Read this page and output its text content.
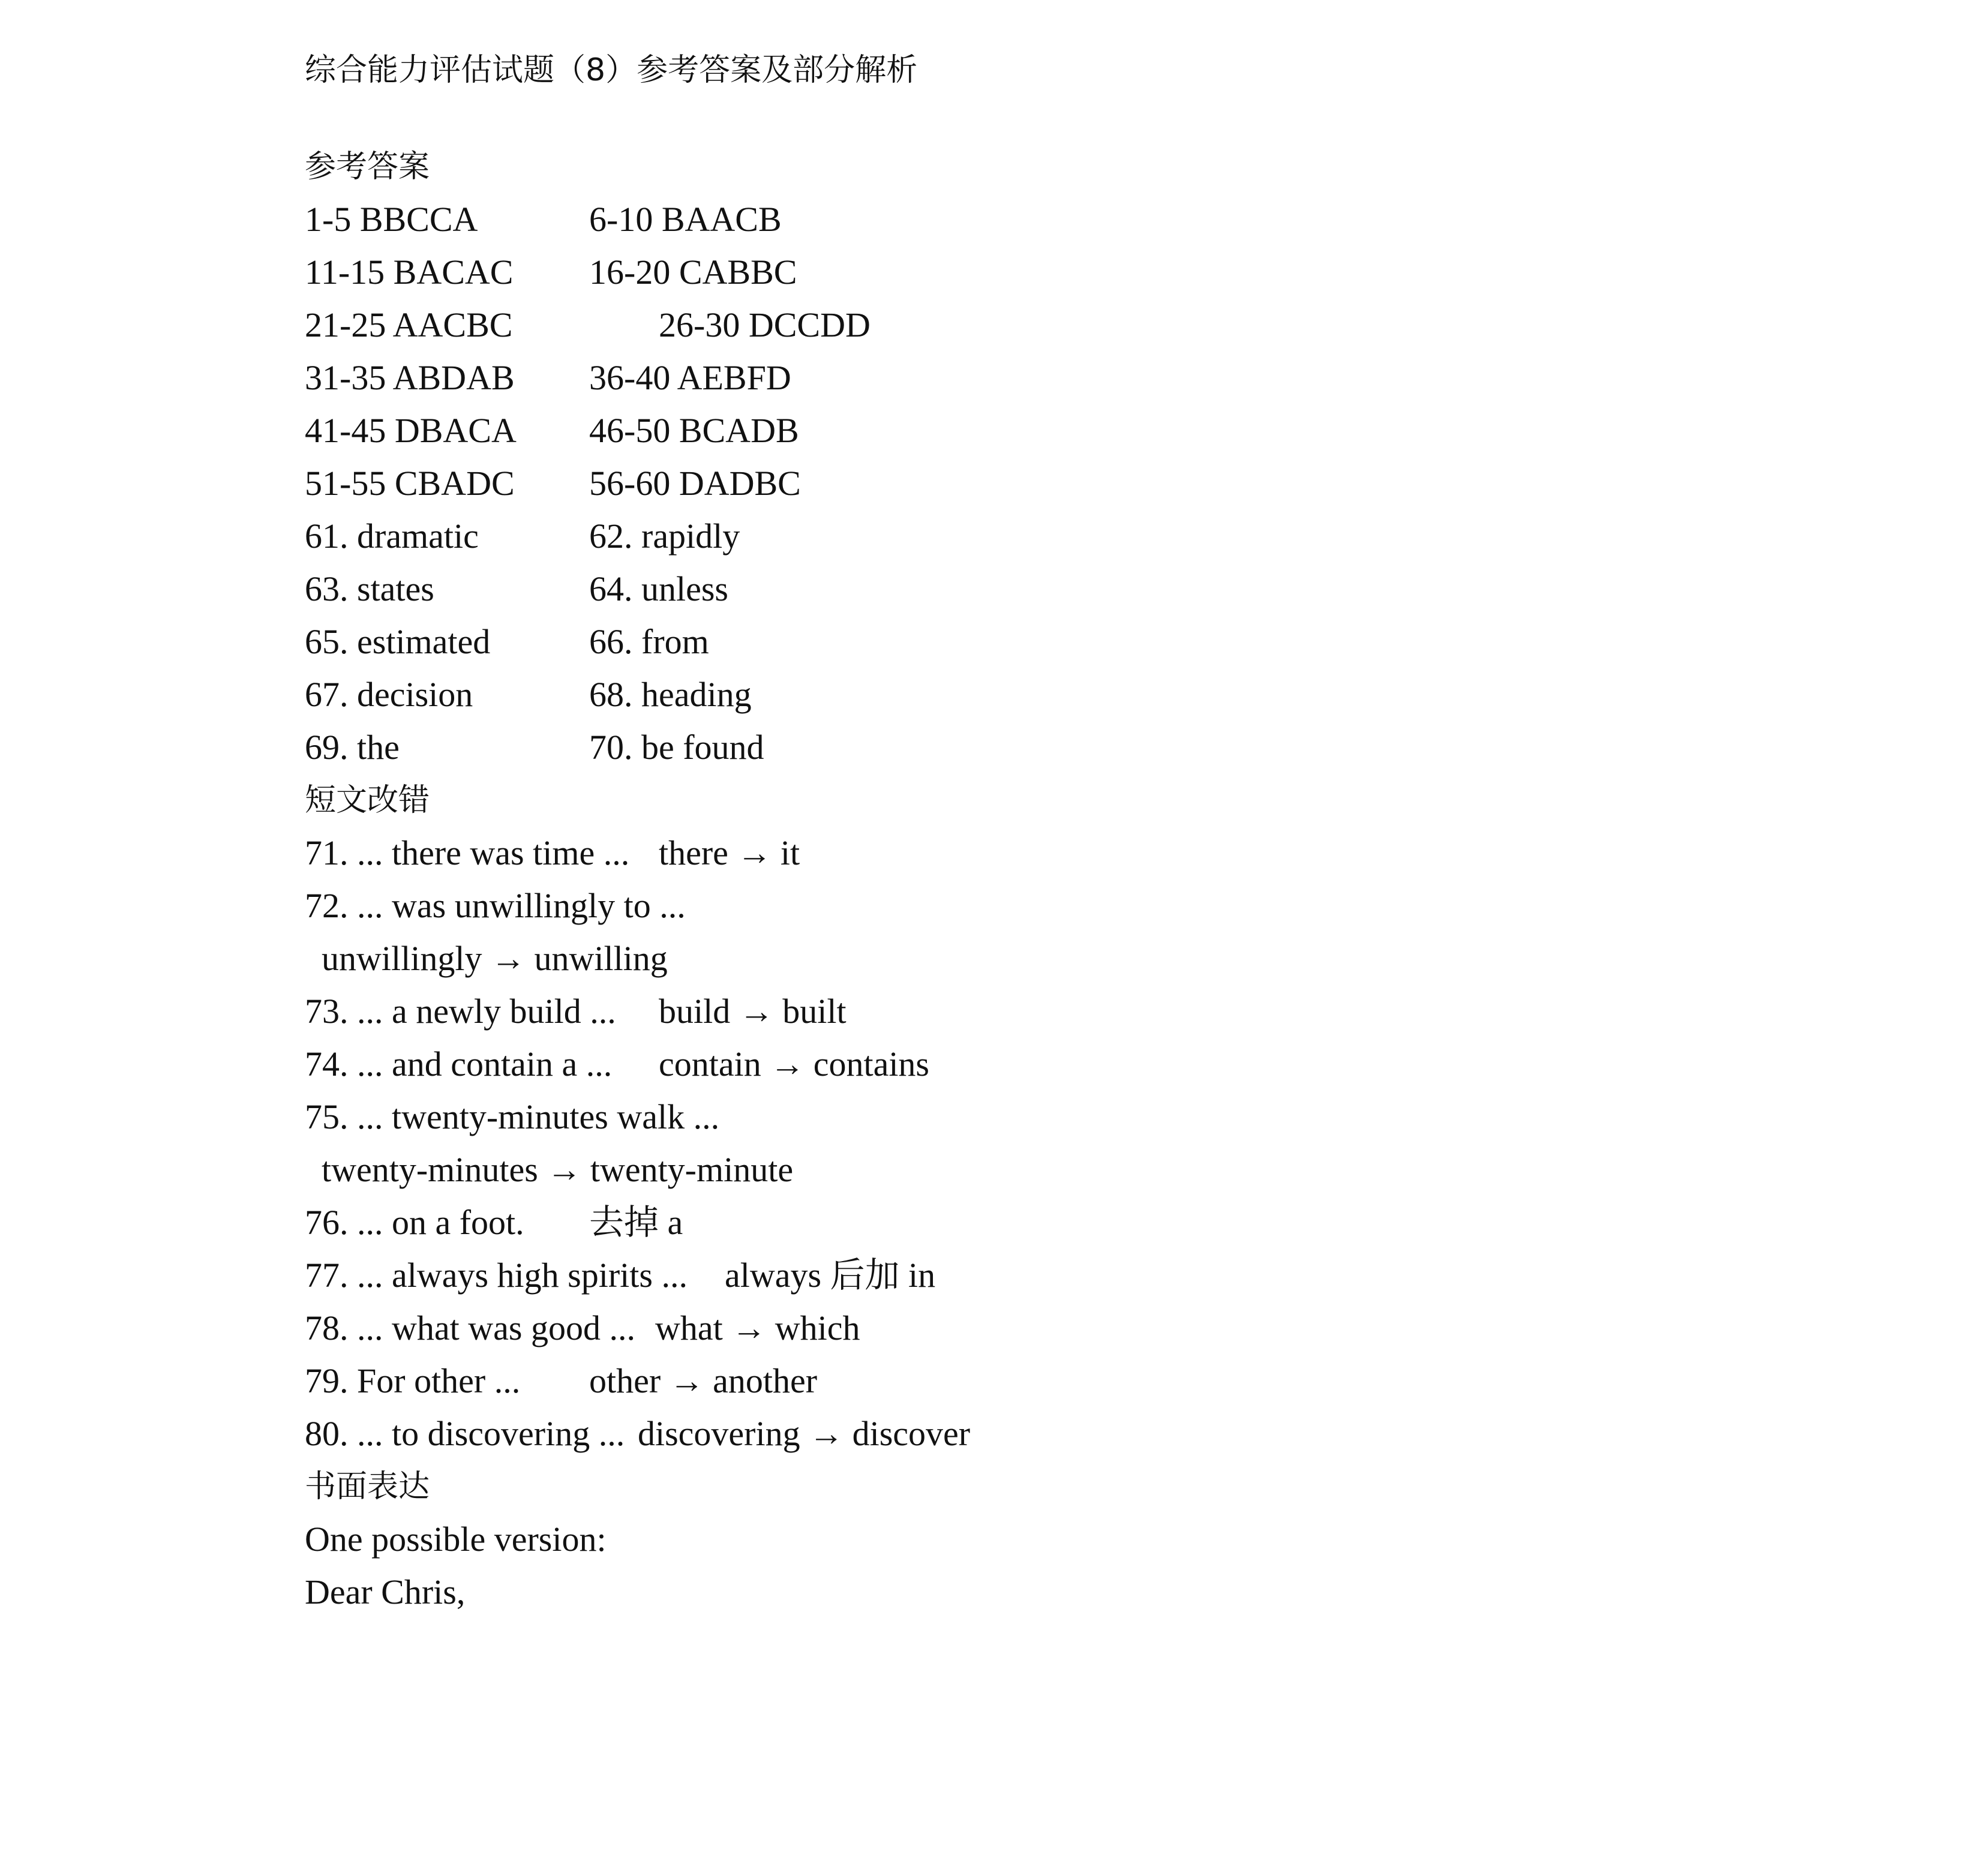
综合能力评估试题（8）参考答案及部分解析
参考答案
1-5 BBCCA	6-10 BAACB
11-15 BACAC 16-20 CABBC
21-25 AACBC	26-30 DCCDD
31-35 ABDAB 36-40 AEBFD
41-45 DBACA 46-50 BCADB
51-55 CBADC 56-60 DADBC
61. dramatic	62. rapidly
63. states	64. unless
65. estimated	66. from
67. decision	68. heading
69. the	70. be found
短文改错
71. ... there was time ... there → it
72. ... was unwillingly to ...
unwillingly → unwilling
73. ... a newly build ... build → built
74. ... and contain a ... contain → contains
75. ... twenty-minutes walk ...
twenty-minutes → twenty-minute
76. ... on a foot. 去掉 a
77. ... always high spirits ... always 后加 in
78. ... what was good ... what → which
79. For other ... other → another
80. ... to discovering ... discovering → discover
书面表达
One possible version:
Dear Chris,
